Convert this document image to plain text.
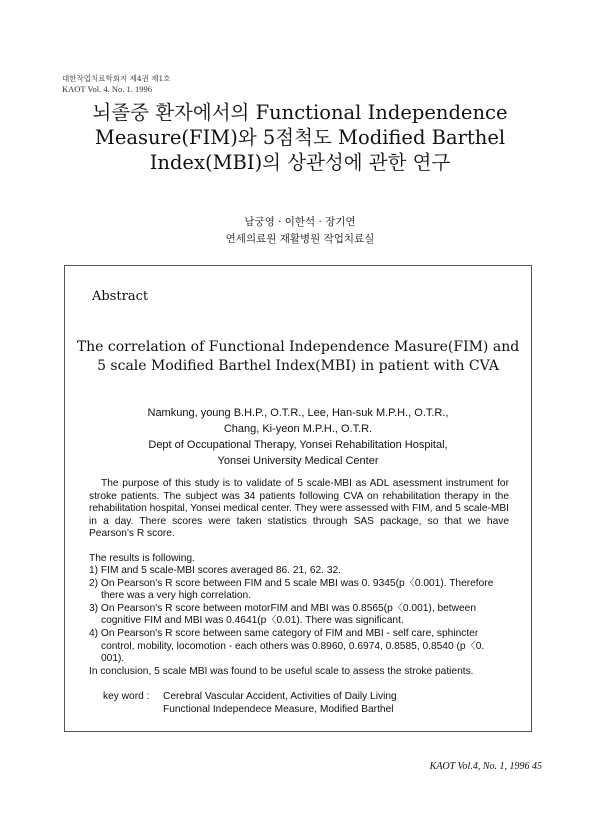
대한작업치료학회지 제4권 제1호
KAOT Vol. 4. No. 1. 1996
뇌졸중 환자에서의 Functional Independence
Measure(FIM)와 5점척도 Modified Barthel
Index(MBI)의 상관성에 관한 연구
남궁영 · 이한석 · 장기연
연세의료원 재활병원 작업치료실
Abstract
The correlation of Functional Independence Masure(FIM) and
5 scale Modified Barthel Index(MBI) in patient with CVA
Namkung, young B.H.P., O.T.R., Lee, Han-suk M.P.H., O.T.R.,
Chang, Ki-yeon M.P.H., O.T.R.
Dept of Occupational Therapy, Yonsei Rehabilitation Hospital,
Yonsei University Medical Center
The purpose of this study is to validate of 5 scale-MBI as ADL asessment instrument for stroke patients. The subject was 34 patients following CVA on rehabilitation therapy in the rehabilitation hospital, Yonsei medical center. They were assessed with FIM, and 5 scale-MBI in a day. There scores were taken statistics through SAS package, so that we have Pearson's R score.
The results is following.
1) FIM and 5 scale-MBI scores averaged 86. 21, 62. 32.
2) On Pearson's R score between FIM and 5 scale MBI was 0. 9345(p〈0.001). Therefore there was a very high correlation.
3) On Pearson's R score between motorFIM and MBI was 0.8565(p〈0.001), between cognitive FIM and MBI was 0.4641(p〈0.01). There was significant.
4) On Pearson's R score between same category of FIM and MBI - self care, sphincter control, mobility, locomotion - each others was 0.8960, 0.6974, 0.8585, 0.8540 (p〈0. 001).
In conclusion, 5 scale MBI was found to be useful scale to assess the stroke patients.
key word : Cerebral Vascular Accident, Activities of Daily Living
Functional Independece Measure, Modified Barthel
KAOT Vol.4, No. 1, 1996 45
